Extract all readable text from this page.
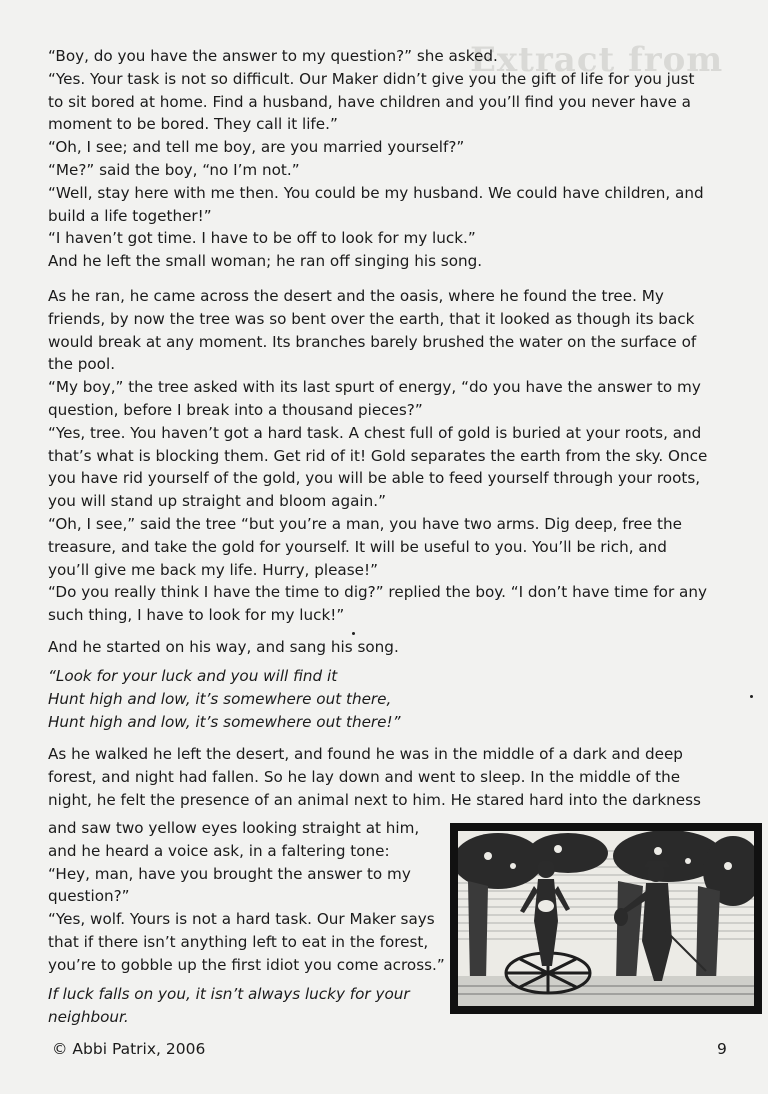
Extract from

“Boy, do you have the answer to my question?” she asked.

“Yes. Your task is not so difficult. Our Maker didn’t give you the gift of life for you just

to sit bored at home. Find a husband, have children and you’ll find you never have a

moment to be bored. They call it life.”

“Oh, I see; and tell me boy, are you married yourself?”

“Me?” said the boy, “no I’m not.”

“Well, stay here with me then. You could be my husband. We could have children, and

build a life together!”

“I haven’t got time. I have to be off to look for my luck.”

And he left the small woman; he ran off singing his song.

As he ran, he came across the desert and the oasis, where he found the tree. My

friends, by now the tree was so bent over the earth, that it looked as though its back

would break at any moment. Its branches barely brushed the water on the surface of

the pool.

“My boy,” the tree asked with its last spurt of energy, “do you have the answer to my

question, before I break into a thousand pieces?”

“Yes, tree. You haven’t got a hard task. A chest full of gold is buried at your roots, and

that’s what is blocking them. Get rid of it! Gold separates the earth from the sky. Once

you have rid yourself of the gold, you will be able to feed yourself through your roots,

you will stand up straight and bloom again.”

“Oh, I see,” said the tree “but you’re a man, you have two arms. Dig deep, free the

treasure, and take the gold for yourself. It will be useful to you. You’ll be rich, and

you’ll give me back my life. Hurry, please!”

“Do you really think I have the time to dig?” replied the boy. “I don’t have time for any

such thing, I have to look for my luck!”

And he started on his way, and sang his song.

“Look for your luck and you will find it

Hunt high and low, it’s somewhere out there,

Hunt high and low, it’s somewhere out there!”

As he walked he left the desert, and found he was in the middle of a dark and deep

forest, and night had fallen. So he lay down and went to sleep. In the middle of the

night, he felt the presence of an animal next to him. He stared hard into the darkness

and saw two yellow eyes looking straight at him,

and he heard a voice ask, in a faltering tone:

“Hey, man, have you brought the answer to my

question?”

“Yes, wolf. Yours is not a hard task. Our Maker says

that if there isn’t anything left to eat in the forest,

you’re to gobble up the first idiot you come across.”

If luck falls on you, it isn’t always lucky for your

neighbour.

© Abbi Patrix, 2006	9
